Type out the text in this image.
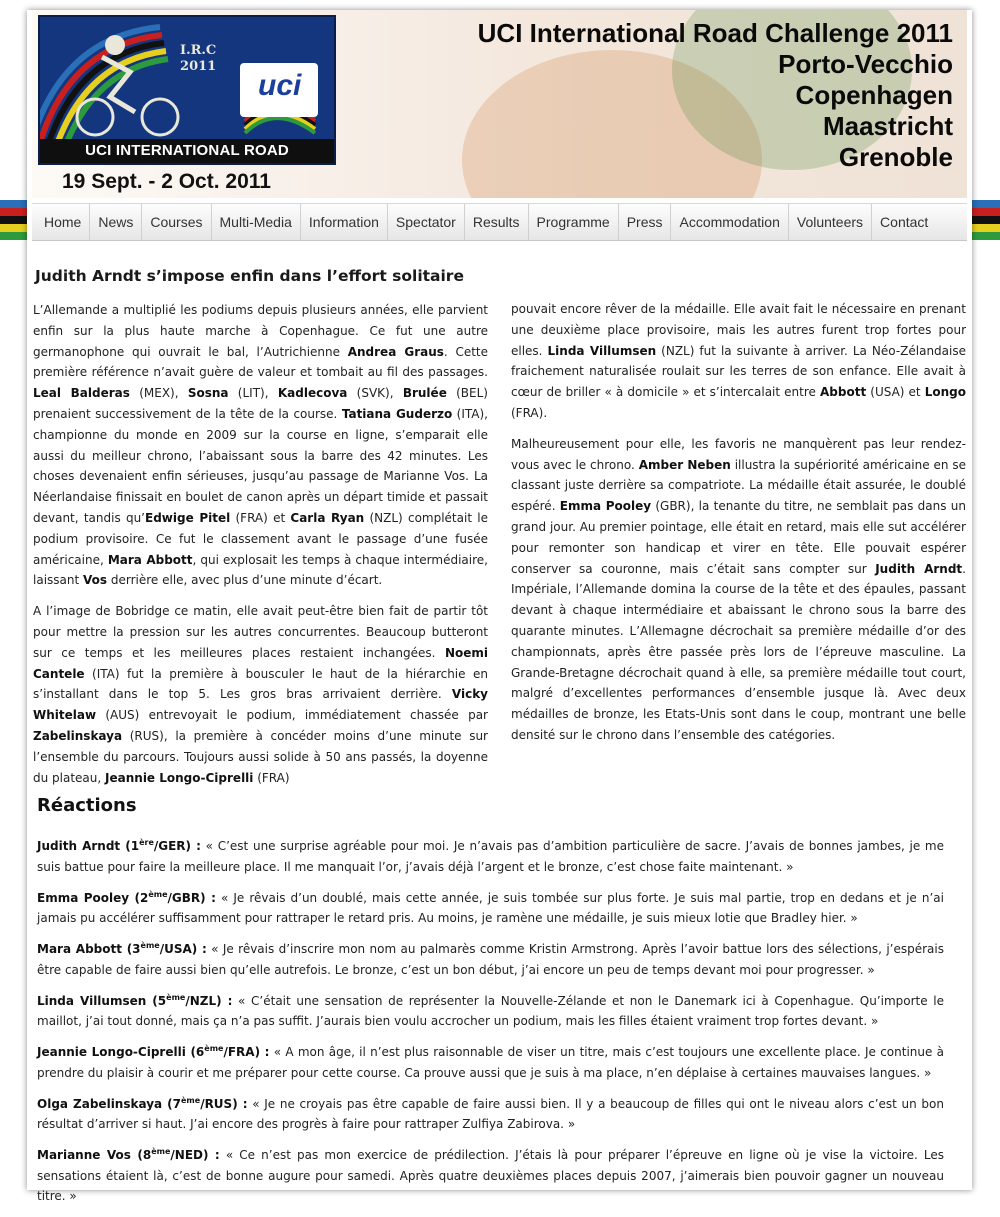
I.R.C
2011
uci
UCI INTERNATIONAL ROAD
19 Sept. - 2 Oct. 2011
UCI International Road Challenge 2011
Porto-Vecchio
Copenhagen
Maastricht
Grenoble
Home	News	Courses	Multi-Media	Information	Spectator	Results	Programme	Press	Accommodation	Volunteers	Contact
Judith Arndt s’impose enfin dans l’effort solitaire

L’Allemande a multiplié les podiums depuis plusieurs années, elle parvient enfin sur la plus haute marche à Copenhague. Ce fut une autre germanophone qui ouvrait le bal, l’Autrichienne Andrea Graus. Cette première référence n’avait guère de valeur et tombait au fil des passages. Leal Balderas (MEX), Sosna (LIT), Kadlecova (SVK), Brulée (BEL) prenaient successivement de la tête de la course. Tatiana Guderzo (ITA), championne du monde en 2009 sur la course en ligne, s’emparait elle aussi du meilleur chrono, l’abaissant sous la barre des 42 minutes. Les choses devenaient enfin sérieuses, jusqu’au passage de Marianne Vos. La Néerlandaise finissait en boulet de canon après un départ timide et passait devant, tandis qu’Edwige Pitel (FRA) et Carla Ryan (NZL) complétait le podium provisoire. Ce fut le classement avant le passage d’une fusée américaine, Mara Abbott, qui explosait les temps à chaque intermédiaire, laissant Vos derrière elle, avec plus d’une minute d’écart.

A l’image de Bobridge ce matin, elle avait peut-être bien fait de partir tôt pour mettre la pression sur les autres concurrentes. Beaucoup butteront sur ce temps et les meilleures places restaient inchangées. Noemi Cantele (ITA) fut la première à bousculer le haut de la hiérarchie en s’installant dans le top 5. Les gros bras arrivaient derrière. Vicky Whitelaw (AUS) entrevoyait le podium, immédiatement chassée par Zabelinskaya (RUS), la première à concéder moins d’une minute sur l’ensemble du parcours. Toujours aussi solide à 50 ans passés, la doyenne du plateau, Jeannie Longo-Ciprelli (FRA)

pouvait encore rêver de la médaille. Elle avait fait le nécessaire en prenant une deuxième place provisoire, mais les autres furent trop fortes pour elles. Linda Villumsen (NZL) fut la suivante à arriver. La Néo-Zélandaise fraichement naturalisée roulait sur les terres de son enfance. Elle avait à cœur de briller « à domicile » et s’intercalait entre Abbott (USA) et Longo (FRA).

Malheureusement pour elle, les favoris ne manquèrent pas leur rendez-vous avec le chrono. Amber Neben illustra la supériorité américaine en se classant juste derrière sa compatriote. La médaille était assurée, le doublé espéré. Emma Pooley (GBR), la tenante du titre, ne semblait pas dans un grand jour. Au premier pointage, elle était en retard, mais elle sut accélérer pour remonter son handicap et virer en tête. Elle pouvait espérer conserver sa couronne, mais c’était sans compter sur Judith Arndt. Impériale, l’Allemande domina la course de la tête et des épaules, passant devant à chaque intermédiaire et abaissant le chrono sous la barre des quarante minutes. L’Allemagne décrochait sa première médaille d’or des championnats, après être passée près lors de l’épreuve masculine. La Grande-Bretagne décrochait quand à elle, sa première médaille tout court, malgré d’excellentes performances d’ensemble jusque là. Avec deux médailles de bronze, les Etats-Unis sont dans le coup, montrant une belle densité sur le chrono dans l’ensemble des catégories.

Réactions

Judith Arndt (1ère/GER) : « C’est une surprise agréable pour moi. Je n’avais pas d’ambition particulière de sacre. J’avais de bonnes jambes, je me suis battue pour faire la meilleure place. Il me manquait l’or, j’avais déjà l’argent et le bronze, c’est chose faite maintenant. »

Emma Pooley (2ème/GBR) : « Je rêvais d’un doublé, mais cette année, je suis tombée sur plus forte. Je suis mal partie, trop en dedans et je n’ai jamais pu accélérer suffisamment pour rattraper le retard pris. Au moins, je ramène une médaille, je suis mieux lotie que Bradley hier. »

Mara Abbott (3ème/USA) : « Je rêvais d’inscrire mon nom au palmarès comme Kristin Armstrong. Après l’avoir battue lors des sélections, j’espérais être capable de faire aussi bien qu’elle autrefois. Le bronze, c’est un bon début, j’ai encore un peu de temps devant moi pour progresser. »

Linda Villumsen (5ème/NZL) : « C’était une sensation de représenter la Nouvelle-Zélande et non le Danemark ici à Copenhague. Qu’importe le maillot, j’ai tout donné, mais ça n’a pas suffit. J’aurais bien voulu accrocher un podium, mais les filles étaient vraiment trop fortes devant. »

Jeannie Longo-Ciprelli (6ème/FRA) : « A mon âge, il n’est plus raisonnable de viser un titre, mais c’est toujours une excellente place. Je continue à prendre du plaisir à courir et me préparer pour cette course. Ca prouve aussi que je suis à ma place, n’en déplaise à certaines mauvaises langues. »

Olga Zabelinskaya (7ème/RUS) : « Je ne croyais pas être capable de faire aussi bien. Il y a beaucoup de filles qui ont le niveau alors c’est un bon résultat d’arriver si haut. J’ai encore des progrès à faire pour rattraper Zulfiya Zabirova. »

Marianne Vos (8ème/NED) : « Ce n’est pas mon exercice de prédilection. J’étais là pour préparer l’épreuve en ligne où je vise la victoire. Les sensations étaient là, c’est de bonne augure pour samedi. Après quatre deuxièmes places depuis 2007, j’aimerais bien pouvoir gagner un nouveau titre. »
